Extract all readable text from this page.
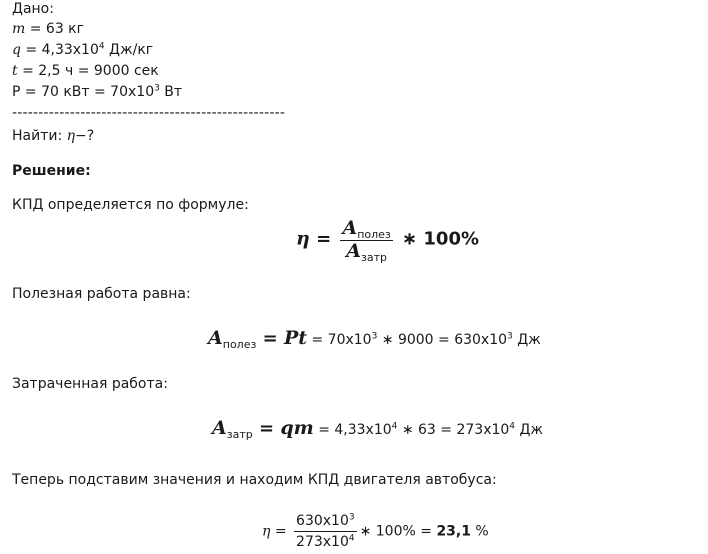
Дано:
m = 63 кг
$q = 4,33x10^4$ Дж/кг
t = 2,5 ч = 9000 сек
P = 70 кВт = $70x10^3$ Вт
----------------------------------------------------
Найти: η−?
Решение:
КПД определяется по формуле:
$\eta = \frac{A_{полез}}{A_{затр}}$ ∗ 100%
Полезная работа равна:
$A_{полез} = Pt = 70x10^3$ ∗ $9000 = 630x10^3$ Дж
Затраченная работа:
$A_{затр}$ = qm = $4,33x10^4$ ∗ $63 = 273x10^4$ Дж
Теперь подставим значения и находим КПД двигателя автобуса:
$\eta = \frac{630x10^3}{273x10^4}$ ∗ 100% = 23,1 %
